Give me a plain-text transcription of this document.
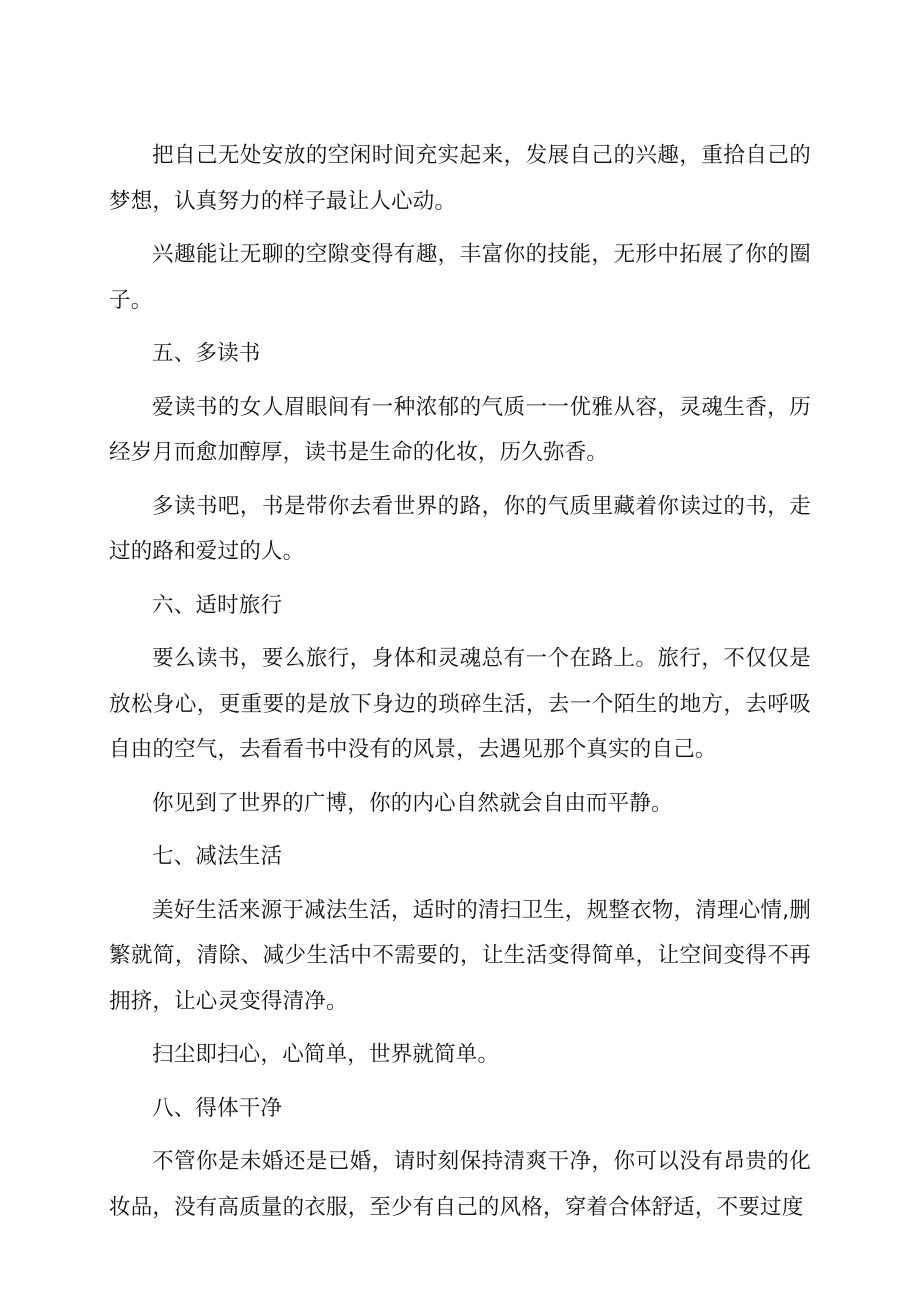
把自己无处安放的空闲时间充实起来，发展自己的兴趣，重拾自己的梦想，认真努力的样子最让人心动。

兴趣能让无聊的空隙变得有趣，丰富你的技能，无形中拓展了你的圈子。

五、多读书

爱读书的女人眉眼间有一种浓郁的气质一一优雅从容，灵魂生香，历经岁月而愈加醇厚，读书是生命的化妆，历久弥香。

多读书吧，书是带你去看世界的路，你的气质里藏着你读过的书，走过的路和爱过的人。

六、适时旅行

要么读书，要么旅行，身体和灵魂总有一个在路上。旅行，不仅仅是放松身心，更重要的是放下身边的琐碎生活，去一个陌生的地方，去呼吸自由的空气，去看看书中没有的风景，去遇见那个真实的自己。

你见到了世界的广博，你的内心自然就会自由而平静。

七、减法生活

美好生活来源于减法生活，适时的清扫卫生，规整衣物，清理心情,删繁就简，清除、减少生活中不需要的，让生活变得简单，让空间变得不再拥挤，让心灵变得清净。

扫尘即扫心，心简单，世界就简单。

八、得体干净

不管你是未婚还是已婚，请时刻保持清爽干净，你可以没有昂贵的化妆品，没有高质量的衣服，至少有自己的风格，穿着合体舒适，不要过度
